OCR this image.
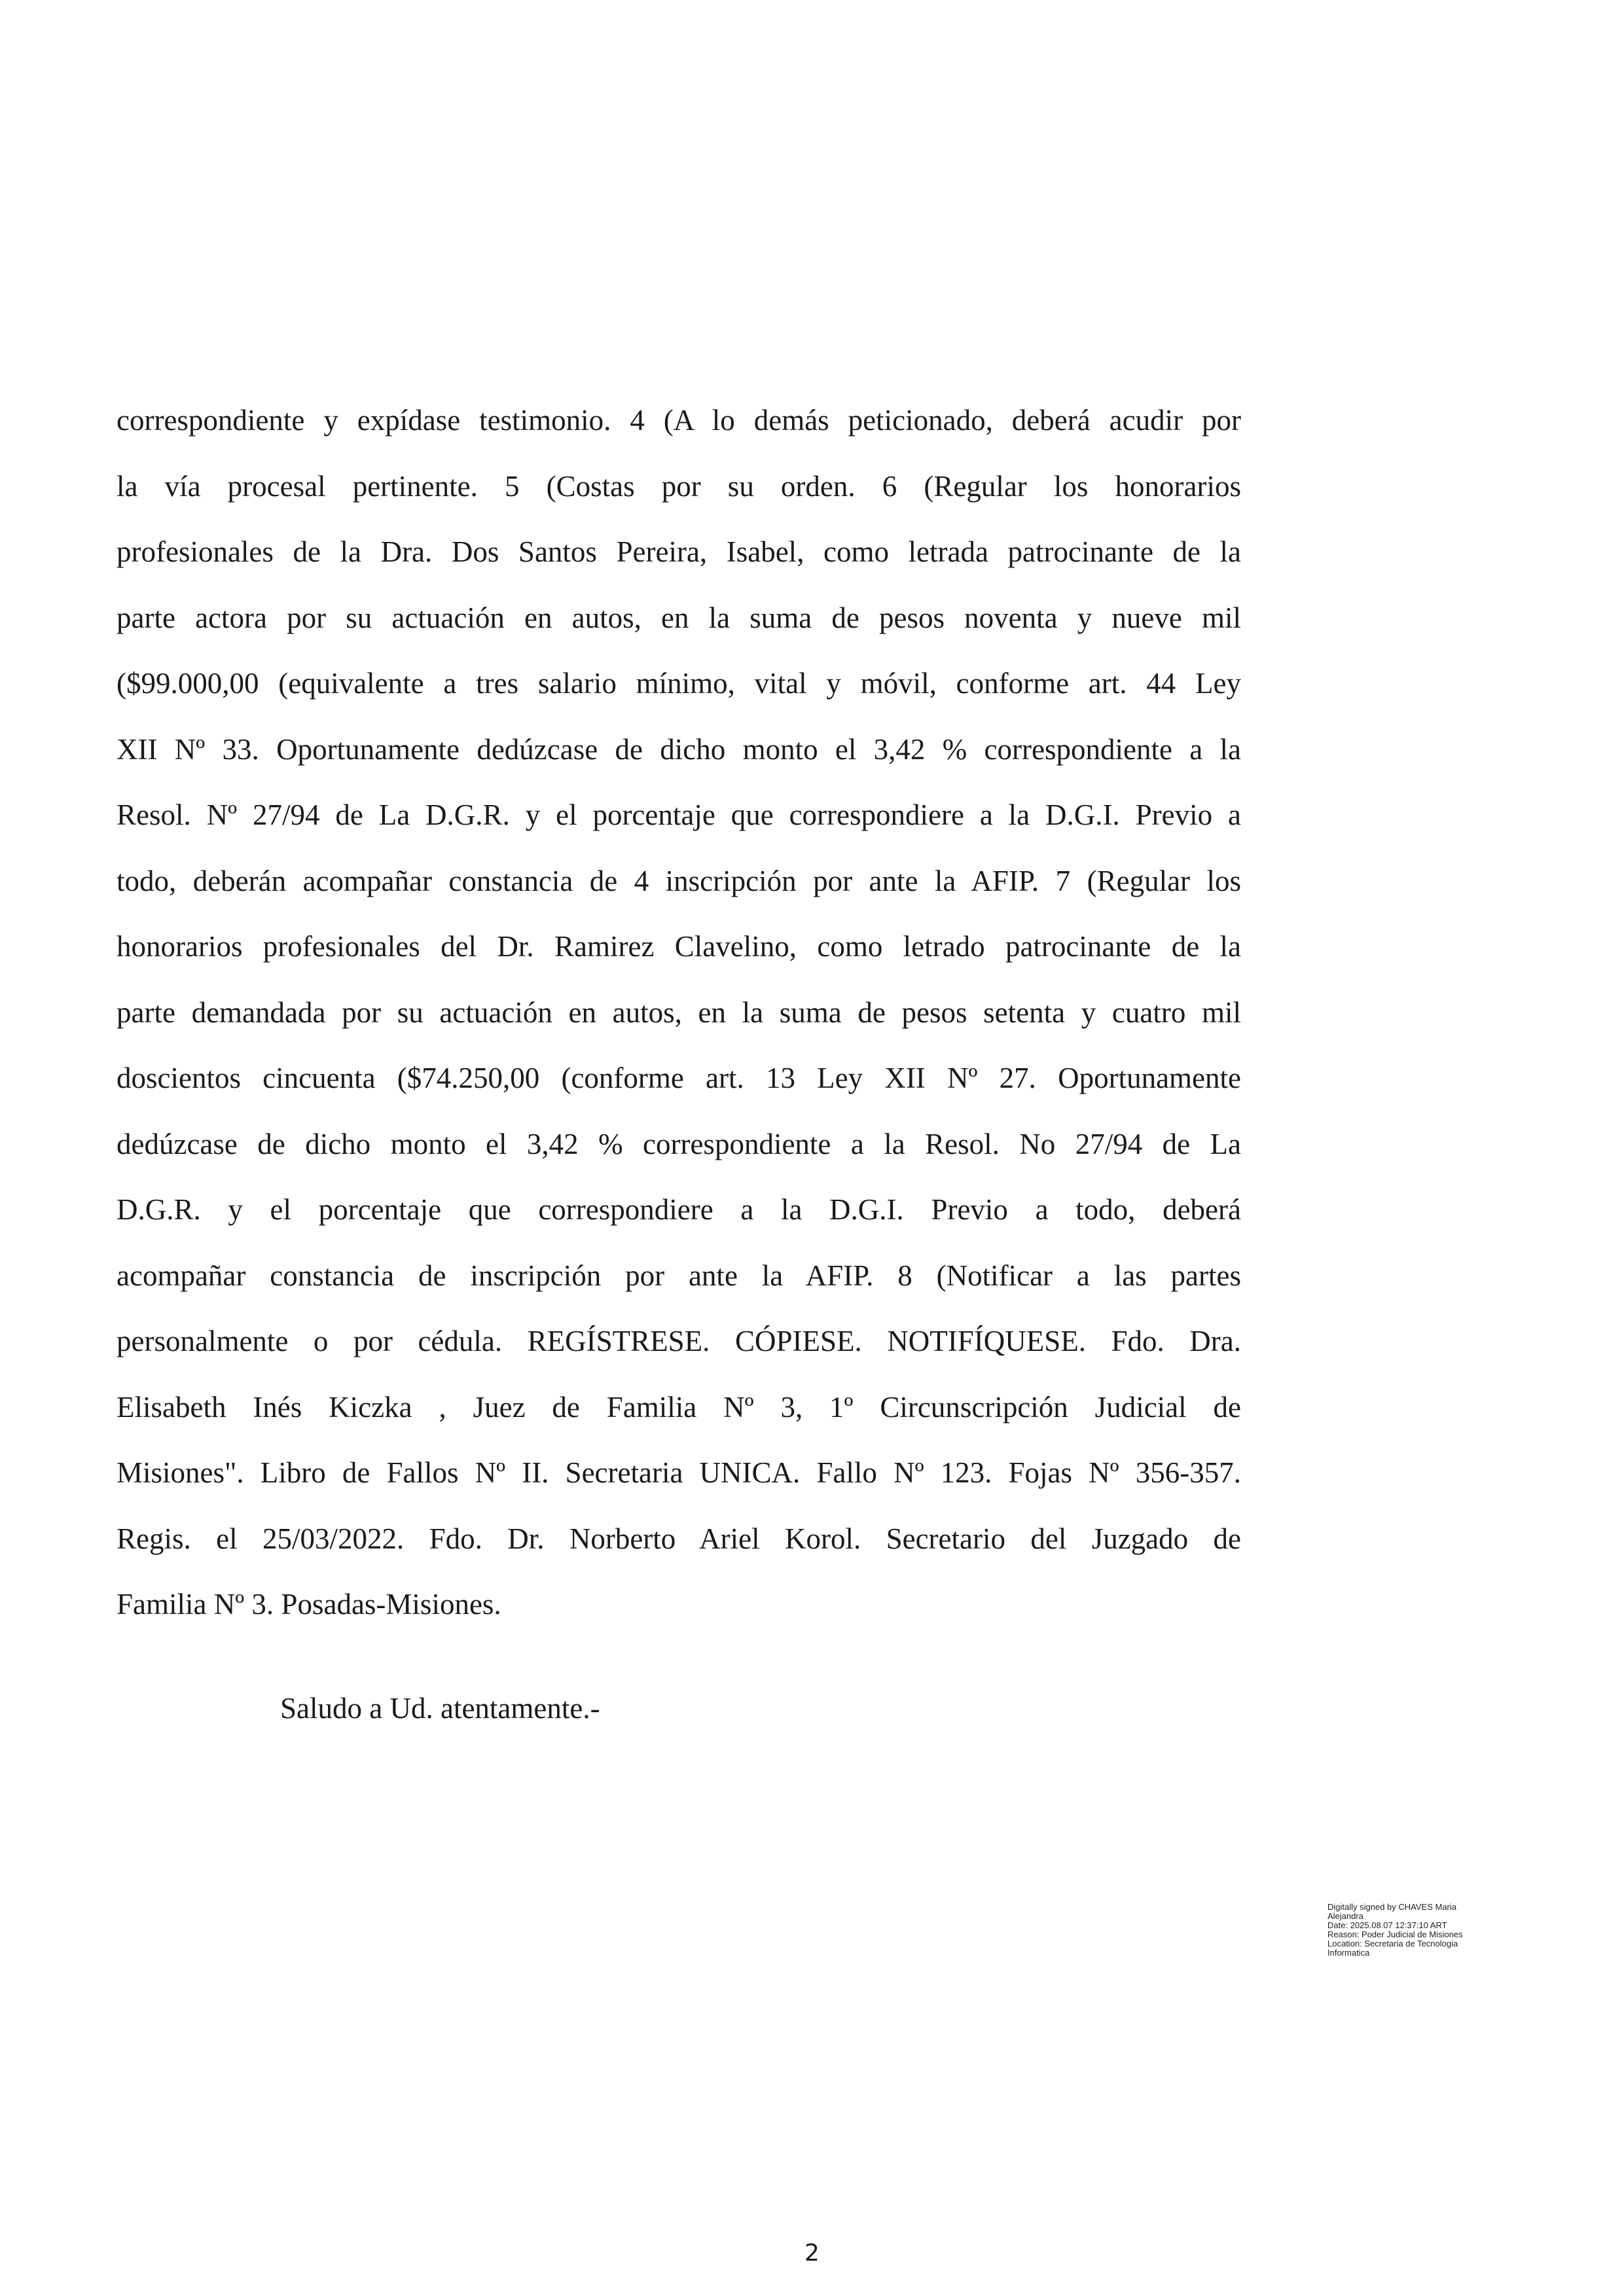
correspondiente y expídase testimonio. 4 (A lo demás peticionado, deberá acudir por
la vía procesal pertinente. 5 (Costas por su orden. 6 (Regular los honorarios
profesionales de la Dra. Dos Santos Pereira, Isabel, como letrada patrocinante de la
parte actora por su actuación en autos, en la suma de pesos noventa y nueve mil
($99.000,00 (equivalente a tres salario mínimo, vital y móvil, conforme art. 44 Ley
XII Nº 33. Oportunamente dedúzcase de dicho monto el 3,42 % correspondiente a la
Resol. Nº 27/94 de La D.G.R. y el porcentaje que correspondiere a la D.G.I. Previo a
todo, deberán acompañar constancia de 4 inscripción por ante la AFIP. 7 (Regular los
honorarios profesionales del Dr. Ramirez Clavelino, como letrado patrocinante de la
parte demandada por su actuación en autos, en la suma de pesos setenta y cuatro mil
doscientos cincuenta ($74.250,00 (conforme art. 13 Ley XII Nº 27. Oportunamente
dedúzcase de dicho monto el 3,42 % correspondiente a la Resol. No 27/94 de La
D.G.R. y el porcentaje que correspondiere a la D.G.I. Previo a todo, deberá
acompañar constancia de inscripción por ante la AFIP. 8 (Notificar a las partes
personalmente o por cédula. REGÍSTRESE. CÓPIESE. NOTIFÍQUESE. Fdo. Dra.
Elisabeth Inés Kiczka , Juez de Familia Nº 3, 1º Circunscripción Judicial de
Misiones". Libro de Fallos Nº II. Secretaria UNICA. Fallo Nº 123. Fojas Nº 356-357.
Regis. el 25/03/2022. Fdo. Dr. Norberto Ariel Korol. Secretario del Juzgado de
Familia Nº 3. Posadas-Misiones.

Saludo a Ud. atentamente.-

Digitally signed by CHAVES Maria
Alejandra
Date: 2025.08.07 12:37:10 ART
Reason: Poder Judicial de Misiones
Location: Secretaria de Tecnologia
Informatica
2
